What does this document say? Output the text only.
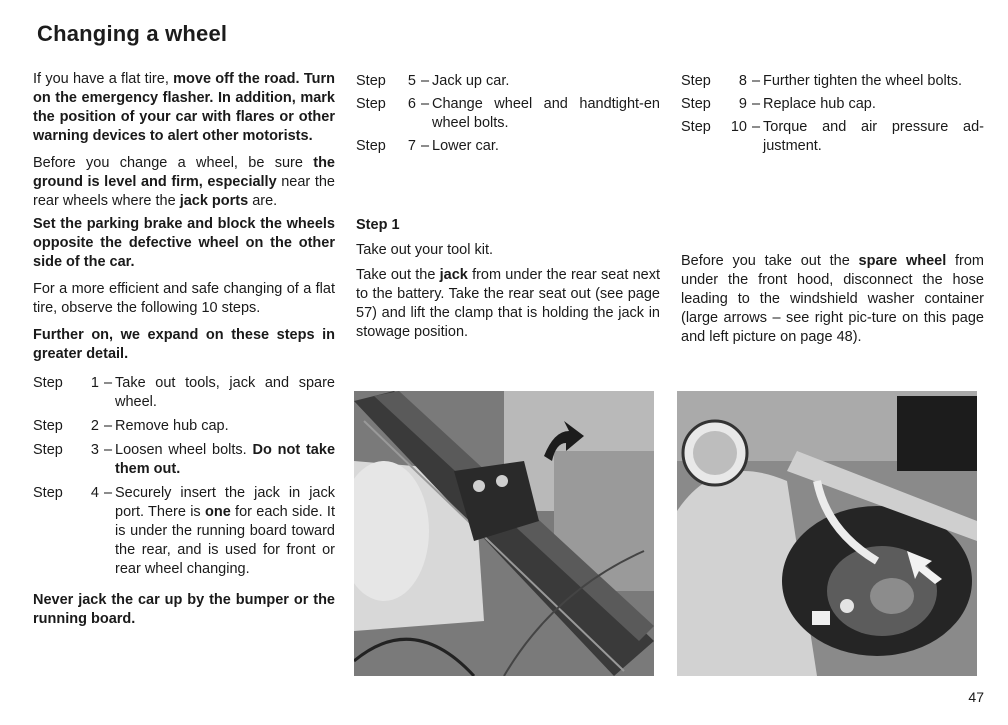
Changing a wheel

If you have a flat tire, move off the road. Turn on the emergency flasher. In addition, mark the position of your car with flares or other warning devices to alert other motorists.

Before you change a wheel, be sure the ground is level and firm, especially near the rear wheels where the jack ports are.

Set the parking brake and block the wheels opposite the defective wheel on the other side of the car.

For a more efficient and safe changing of a flat tire, observe the following 10 steps.

Further on, we expand on these steps in greater detail.

Step	1 – Take out tools, jack and spare wheel.
Step	2 – Remove hub cap.
Step	3 – Loosen wheel bolts. Do not take them out.
Step	4 – Securely insert the jack in jack port. There is one for each side. It is under the running board toward the rear, and is used for front or rear wheel changing.

Never jack the car up by the bumper or the running board.

Step	5 – Jack up car.
Step	6 – Change wheel and handtight-en wheel bolts.
Step	7 – Lower car.
Step 1

Take out your tool kit.

Take out the jack from under the rear seat next to the battery. Take the rear seat out (see page 57) and lift the clamp that is holding the jack in stowage position.

Step	8 – Further tighten the wheel bolts.
Step	9 – Replace hub cap.
Step	10 – Torque and air pressure ad-justment.

Before you take out the spare wheel from under the front hood, disconnect the hose leading to the windshield washer container (large arrows – see right pic-ture on this page and left picture on page 48).

47
